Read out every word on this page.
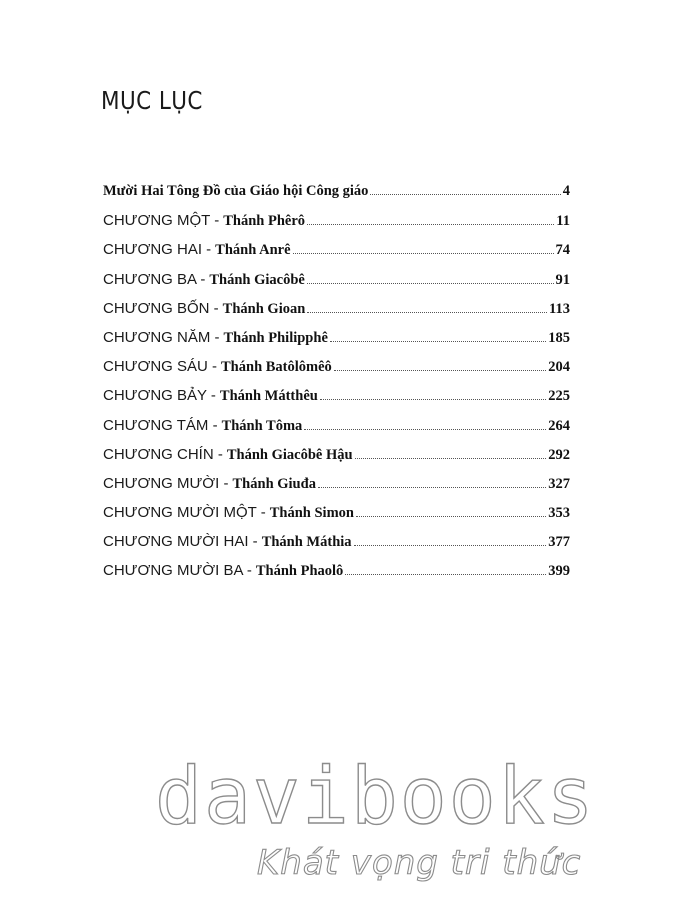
MỤC LỤC
Mười Hai Tông Đồ của Giáo hội Công giáo	4
CHƯƠNG MỘT - Thánh Phêrô	11
CHƯƠNG HAI - Thánh Anrê	74
CHƯƠNG BA - Thánh Giacôbê	91
CHƯƠNG BỐN - Thánh Gioan	113
CHƯƠNG NĂM - Thánh Philipphê	185
CHƯƠNG SÁU - Thánh Batôlômêô	204
CHƯƠNG BẢY - Thánh Mátthêu	225
CHƯƠNG TÁM - Thánh Tôma	264
CHƯƠNG CHÍN - Thánh Giacôbê Hậu	292
CHƯƠNG MƯỜI - Thánh Giuđa	327
CHƯƠNG MƯỜI MỘT - Thánh Simon	353
CHƯƠNG MƯỜI HAI - Thánh Máthia	377
CHƯƠNG MƯỜI BA - Thánh Phaolô	399

davibooks

Khát vọng tri thức
